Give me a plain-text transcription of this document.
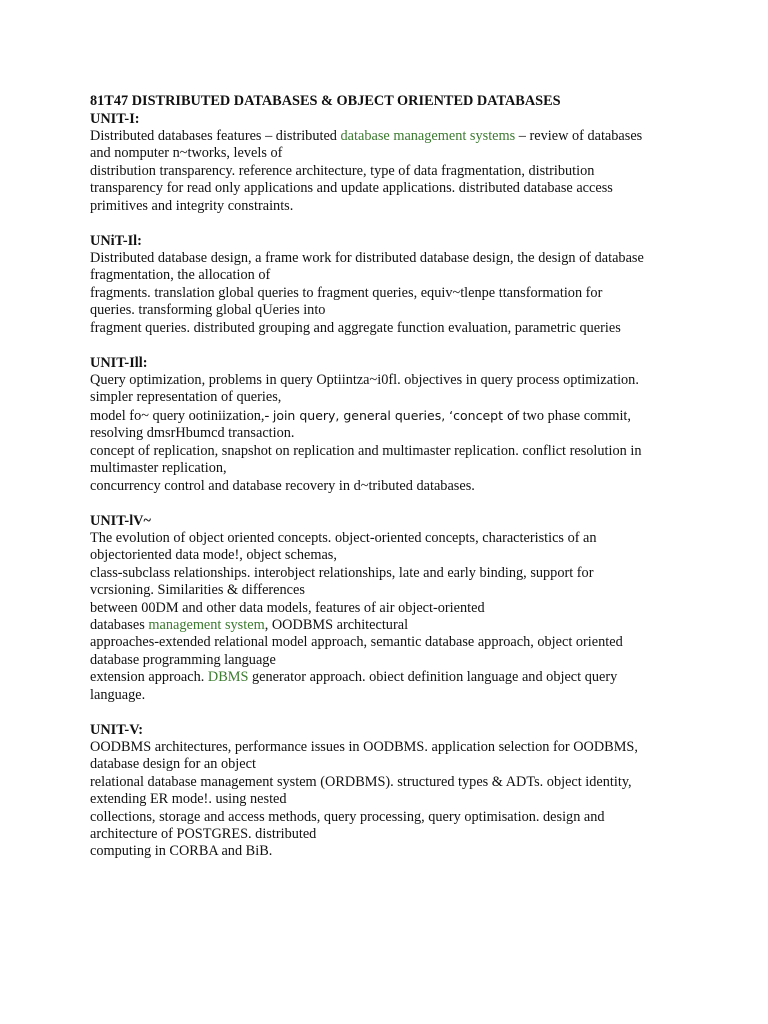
81T47 DISTRIBUTED DATABASES & OBJECT ORIENTED DATABASES

UNIT-I:

Distributed databases features – distributed database management systems – review of databases

and nomputer n~tworks, levels of

distribution transparency. reference architecture, type of data fragmentation, distribution

transparency for read only applications and update applications. distributed database access

primitives and integrity constraints.

UNiT-Il:

Distributed database design, a frame work for distributed database design, the design of database

fragmentation, the allocation of

fragments. translation global queries to fragment queries, equiv~tlenpe ttansformation for

queries. transforming global qUeries into

fragment queries. distributed grouping and aggregate function evaluation, parametric queries

UNIT-Ill:

Query optimization, problems in query Optiintza~i0fl. objectives in query process optimization.

simpler representation of queries,

model fo~ query ootiniization,- join query, general queries, ‘concept of two phase commit,

resolving dmsrHbumcd transaction.

concept of replication, snapshot on replication and multimaster replication. conflict resolution in

multimaster replication,

concurrency control and database recovery in d~tributed databases.

UNIT-lV~

The evolution of object oriented concepts. object-oriented concepts, characteristics of an

objectoriented data mode!, object schemas,

class-subclass relationships. interobject relationships, late and early binding, support for

vcrsioning. Similarities & differences

between 00DM and other data models, features of air object-oriented

databases management system, OODBMS architectural

approaches-extended relational model approach, semantic database approach, object oriented

database programming language

extension approach. DBMS generator approach. obiect definition language and object query

language.

UNIT-V:

OODBMS architectures, performance issues in OODBMS. application selection for OODBMS,

database design for an object

relational database management system (ORDBMS). structured types & ADTs. object identity,

extending ER mode!. using nested

collections, storage and access methods, query processing, query optimisation. design and

architecture of POSTGRES. distributed

computing in CORBA and BiB.
